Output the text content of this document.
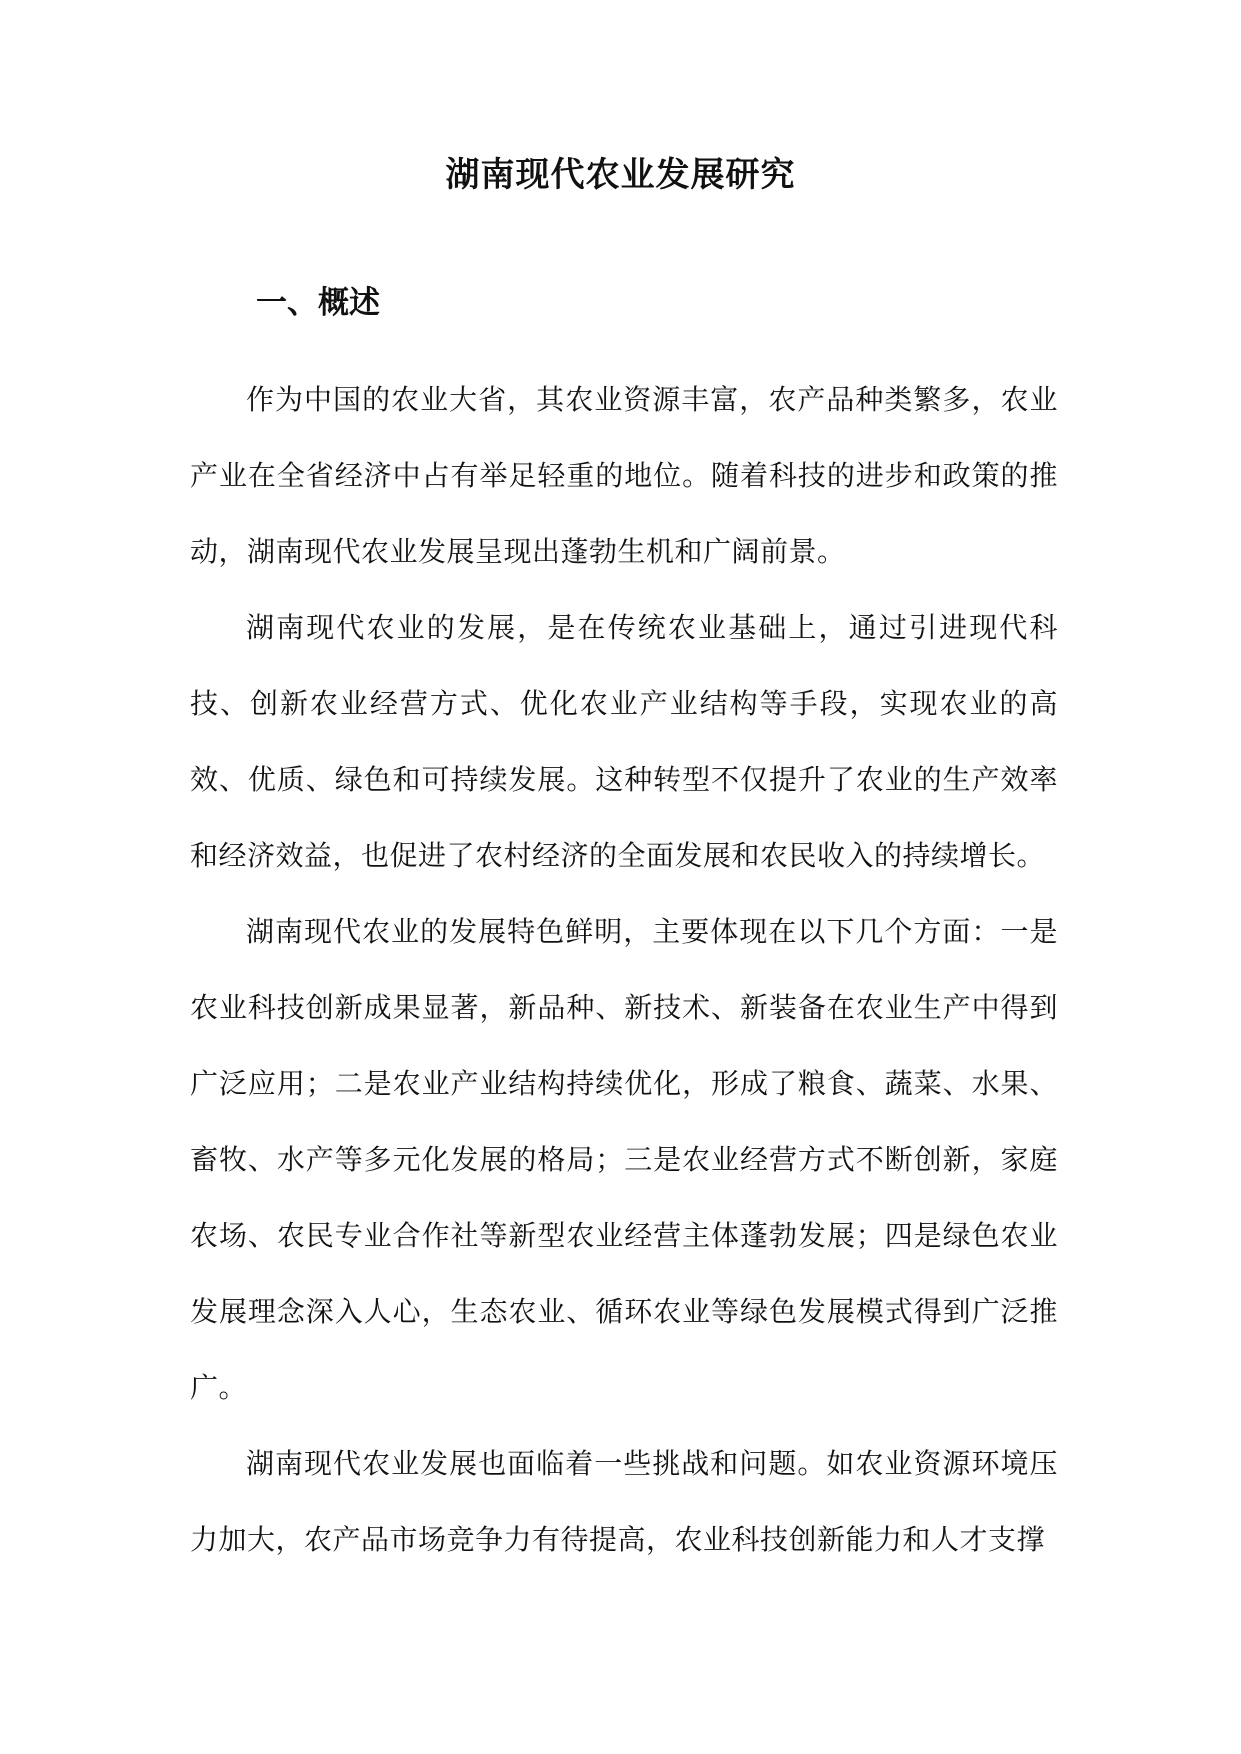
湖南现代农业发展研究
一、概述

作为中国的农业大省，其农业资源丰富，农产品种类繁多，农业产业在全省经济中占有举足轻重的地位。随着科技的进步和政策的推动，湖南现代农业发展呈现出蓬勃生机和广阔前景。

湖南现代农业的发展，是在传统农业基础上，通过引进现代科技、创新农业经营方式、优化农业产业结构等手段，实现农业的高效、优质、绿色和可持续发展。这种转型不仅提升了农业的生产效率和经济效益，也促进了农村经济的全面发展和农民收入的持续增长。

湖南现代农业的发展特色鲜明，主要体现在以下几个方面：一是农业科技创新成果显著，新品种、新技术、新装备在农业生产中得到广泛应用；二是农业产业结构持续优化，形成了粮食、蔬菜、水果、畜牧、水产等多元化发展的格局；三是农业经营方式不断创新，家庭农场、农民专业合作社等新型农业经营主体蓬勃发展；四是绿色农业发展理念深入人心，生态农业、循环农业等绿色发展模式得到广泛推广。

湖南现代农业发展也面临着一些挑战和问题。如农业资源环境压力加大，农产品市场竞争力有待提高，农业科技创新能力和人才支撑
